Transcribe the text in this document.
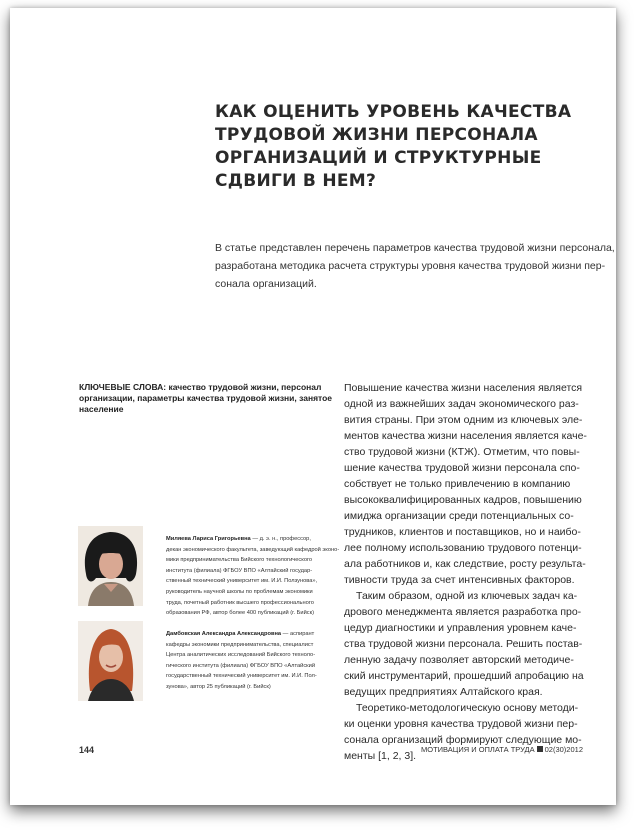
КАК ОЦЕНИТЬ УРОВЕНЬ КАЧЕСТВА
ТРУДОВОЙ ЖИЗНИ ПЕРСОНАЛА
ОРГАНИЗАЦИЙ И СТРУКТУРНЫЕ
СДВИГИ В НЕМ?
В статье представлен перечень параметров качества трудовой жизни персонала,
разработана методика расчета структуры уровня качества трудовой жизни пер-
сонала организаций.
КЛЮЧЕВЫЕ СЛОВА: качество трудовой жизни, персонал
организации, параметры качества трудовой жизни, занятое
население
Миляева Лариса Григорьевна — д. э. н., профессор,
декан экономического факультета, заведующий кафедрой эконо-
мики предпринимательства Бийского технологического
института (филиала) ФГБОУ ВПО «Алтайский государ-
ственный технический университет им. И.И. Ползунова»,
руководитель научной школы по проблемам экономики
труда, почетный работник высшего профессионального
образования РФ, автор более 400 публикаций (г. Бийск)
Дамбовская Александра Александровна — аспирант
кафедры экономики предпринимательства, специалист
Центра аналитических исследований Бийского техноло-
гического института (филиала) ФГБОУ ВПО «Алтайский
государственный технический университет им. И.И. Пол-
зунова», автор 25 публикаций (г. Бийск)
Повышение качества жизни населения является
одной из важнейших задач экономического раз-
вития страны. При этом одним из ключевых эле-
ментов качества жизни населения является каче-
ство трудовой жизни (КТЖ). Отметим, что повы-
шение качества трудовой жизни персонала спо-
собствует не только привлечению в компанию
высококвалифицированных кадров, повышению
имиджа организации среди потенциальных со-
трудников, клиентов и поставщиков, но и наибо-
лее полному использованию трудового потенци-
ала работников и, как следствие, росту результа-
тивности труда за счет интенсивных факторов.
Таким образом, одной из ключевых задач ка-
дрового менеджмента является разработка про-
цедур диагностики и управления уровнем каче-
ства трудовой жизни персонала. Решить постав-
ленную задачу позволяет авторский методиче-
ский инструментарий, прошедший апробацию на
ведущих предприятиях Алтайского края.
Теоретико-методологическую основу методи-
ки оценки уровня качества трудовой жизни пер-
сонала организаций формируют следующие мо-
менты [1, 2, 3].
144	МОТИВАЦИЯ И ОПЛАТА ТРУДА 02(30)2012
